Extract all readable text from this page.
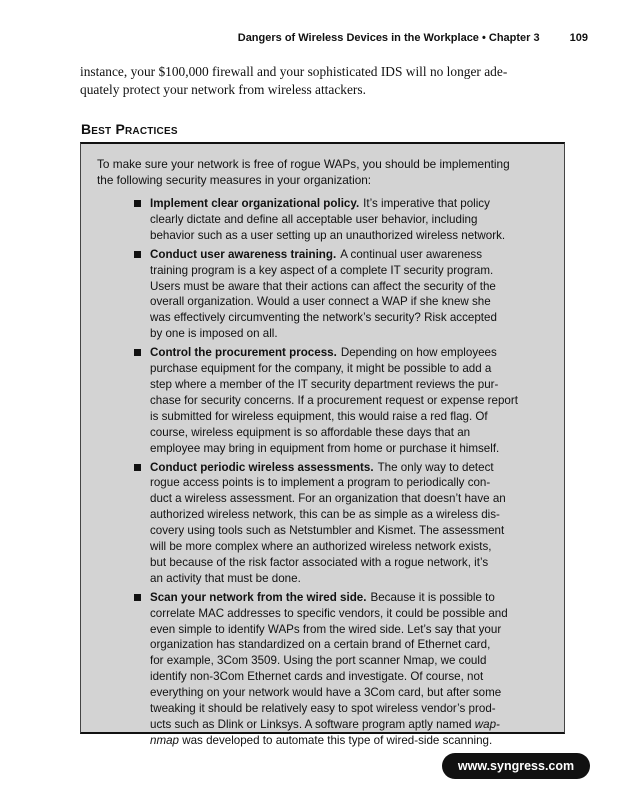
Dangers of Wireless Devices in the Workplace • Chapter 3	109
instance, your $100,000 firewall and your sophisticated IDS will no longer ade-
quately protect your network from wireless attackers.
Best Practices
To make sure your network is free of rogue WAPs, you should be implementing
the following security measures in your organization:
Implement clear organizational policy. It’s imperative that policy
clearly dictate and define all acceptable user behavior, including
behavior such as a user setting up an unauthorized wireless network.
Conduct user awareness training. A continual user awareness
training program is a key aspect of a complete IT security program.
Users must be aware that their actions can affect the security of the
overall organization. Would a user connect a WAP if she knew she
was effectively circumventing the network’s security? Risk accepted
by one is imposed on all.
Control the procurement process. Depending on how employees
purchase equipment for the company, it might be possible to add a
step where a member of the IT security department reviews the pur-
chase for security concerns. If a procurement request or expense report
is submitted for wireless equipment, this would raise a red flag. Of
course, wireless equipment is so affordable these days that an
employee may bring in equipment from home or purchase it himself.
Conduct periodic wireless assessments. The only way to detect
rogue access points is to implement a program to periodically con-
duct a wireless assessment. For an organization that doesn’t have an
authorized wireless network, this can be as simple as a wireless dis-
covery using tools such as Netstumbler and Kismet. The assessment
will be more complex where an authorized wireless network exists,
but because of the risk factor associated with a rogue network, it’s
an activity that must be done.
Scan your network from the wired side. Because it is possible to
correlate MAC addresses to specific vendors, it could be possible and
even simple to identify WAPs from the wired side. Let’s say that your
organization has standardized on a certain brand of Ethernet card,
for example, 3Com 3509. Using the port scanner Nmap, we could
identify non-3Com Ethernet cards and investigate. Of course, not
everything on your network would have a 3Com card, but after some
tweaking it should be relatively easy to spot wireless vendor’s prod-
ucts such as Dlink or Linksys. A software program aptly named wap-
nmap was developed to automate this type of wired-side scanning.
www.syngress.com
